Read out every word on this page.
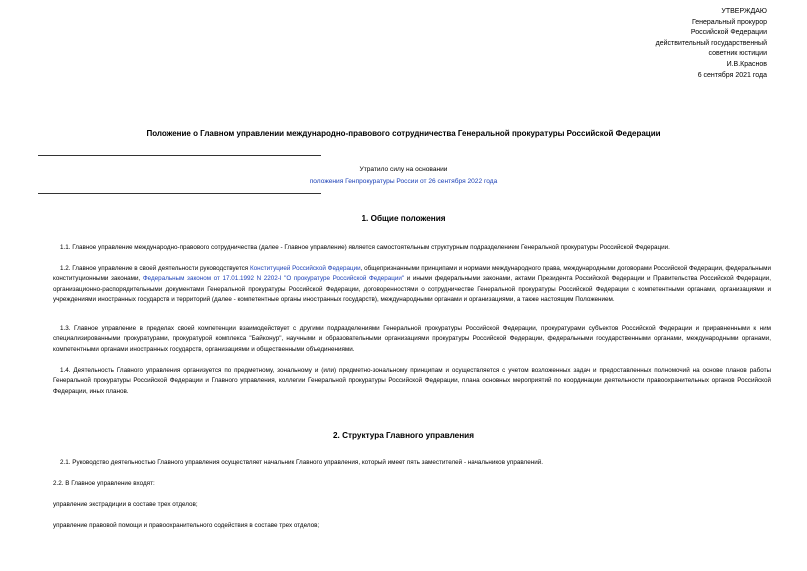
УТВЕРЖДАЮ
Генеральный прокурор
Российской Федерации
действительный государственный
советник юстиции
И.В.Краснов
6 сентября 2021 года
Положение о Главном управлении международно-правового сотрудничества Генеральной прокуратуры Российской Федерации
Утратило силу на основании
положения Генпрокуратуры России от 26 сентября 2022 года
1. Общие положения
1.1. Главное управление международно-правового сотрудничества (далее - Главное управление) является самостоятельным структурным подразделением Генеральной прокуратуры Российской Федерации.
1.2. Главное управление в своей деятельности руководствуется Конституцией Российской Федерации, общепризнанными принципами и нормами международного права, международными договорами Российской Федерации, федеральными конституционными законами, Федеральным законом от 17.01.1992 N 2202-I "О прокуратуре Российской Федерации" и иными федеральными законами, актами Президента Российской Федерации и Правительства Российской Федерации, организационно-распорядительными документами Генеральной прокуратуры Российской Федерации, договоренностями о сотрудничестве Генеральной прокуратуры Российской Федерации с компетентными органами, организациями и учреждениями иностранных государств и территорий (далее - компетентные органы иностранных государств), международными органами и организациями, а также настоящим Положением.
1.3. Главное управление в пределах своей компетенции взаимодействует с другими подразделениями Генеральной прокуратуры Российской Федерации, прокуратурами субъектов Российской Федерации и приравненными к ним специализированными прокуратурами, прокуратурой комплекса "Байконур", научными и образовательными организациями прокуратуры Российской Федерации, федеральными государственными органами, международными органами, компетентными органами иностранных государств, организациями и общественными объединениями.
1.4. Деятельность Главного управления организуется по предметному, зональному и (или) предметно-зональному принципам и осуществляется с учетом возложенных задач и предоставленных полномочий на основе планов работы Генеральной прокуратуры Российской Федерации и Главного управления, коллегии Генеральной прокуратуры Российской Федерации, плана основных мероприятий по координации деятельности правоохранительных органов Российской Федерации, иных планов.
2. Структура Главного управления
2.1. Руководство деятельностью Главного управления осуществляет начальник Главного управления, который имеет пять заместителей - начальников управлений.
2.2. В Главное управление входят:
управление экстрадиции в составе трех отделов;
управление правовой помощи и правоохранительного содействия в составе трех отделов;
